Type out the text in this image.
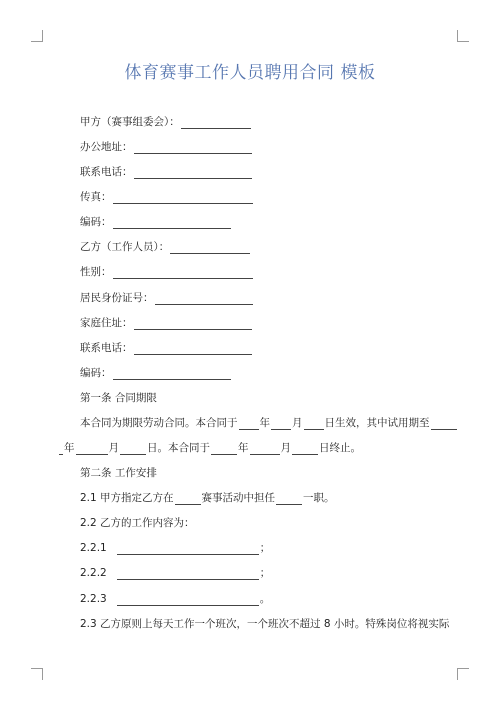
体育赛事工作人员聘用合同 模板
甲方（赛事组委会）：
办公地址：
联系电话：
传真：
编码：
乙方（工作人员）：
性别：
居民身份证号：
家庭住址：
联系电话：
编码：
第一条 合同期限
本合同为期限劳动合同。本合同于 年 月 日生效，其中试用期至
年	月	日。本合同于	年	月	日终止。
第二条 工作安排
2.1 甲方指定乙方在	赛事活动中担任	一职。
2.2 乙方的工作内容为：
2.2.1	；
2.2.2	；
2.2.3	。
2.3 乙方原则上每天工作一个班次，一个班次不超过 8 小时。特殊岗位将视实际
